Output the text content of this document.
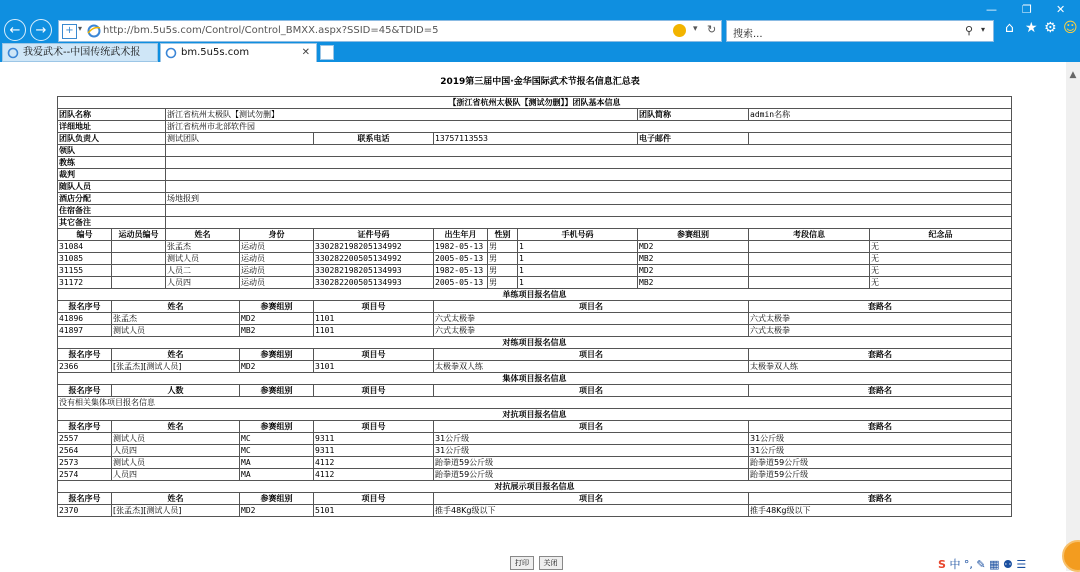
— ❐ ✕
←	→	+ ▾ http://bm.5u5s.com/Control/Control_BMXX.aspx?SSID=45&TDID=5	▾ ↻ 搜索...	⚲ ▾ ⌂ ★ ⚙ ☺
我爱武术--中国传统武术报	bm.5u5s.com	✕
2019第三届中国·金华国际武术节报名信息汇总表
【浙江省杭州太极队【测试勿删】】团队基本信息										
团队名称		浙江省杭州太极队【测试勿删】						团队简称	admin名称	
详细地址		浙江省杭州市北部软件园								
团队负责人		测试团队		联系电话	13757113553			电子邮件		
领队										
教练										
裁判										
随队人员										
酒店分配		场地报到								
住宿备注										
其它备注										
编号	运动员编号	姓名	身份	证件号码	出生年月	性别	手机号码	参赛组别	考段信息	纪念品
31084		张孟杰	运动员	330282198205134992	1982-05-13	男	1	MD2		无
31085		测试人员	运动员	330282200505134992	2005-05-13	男	1	MB2		无
31155		人员二	运动员	330282198205134993	1982-05-13	男	1	MD2		无
31172		人员四	运动员	330282200505134993	2005-05-13	男	1	MB2		无
单练项目报名信息										
报名序号	姓名		参赛组别	项目号	项目名				套路名	
41896	张孟杰		MD2	1101	六式太极拳				六式太极拳	
41897	测试人员		MB2	1101	六式太极拳				六式太极拳	
对练项目报名信息										
报名序号	姓名		参赛组别	项目号	项目名				套路名	
2366	[张孟杰][测试人员]		MD2	3101	太极拳双人练				太极拳双人练	
集体项目报名信息										
报名序号	人数		参赛组别	项目号	项目名				套路名	
没有相关集体项目报名信息										
对抗项目报名信息										
报名序号	姓名		参赛组别	项目号	项目名				套路名	
2557	测试人员		MC	9311	31公斤级				31公斤级	
2564	人员四		MC	9311	31公斤级				31公斤级	
2573	测试人员		MA	4112	跆拳道59公斤级				跆拳道59公斤级	
2574	人员四		MA	4112	跆拳道59公斤级				跆拳道59公斤级	
对抗展示项目报名信息										
报名序号	姓名		参赛组别	项目号	项目名				套路名	
2370	[张孟杰][测试人员]		MD2	5101	推手48Kg级以下				推手48Kg级以下	
打印 关闭
▲
S 中 °, ✎ ▦ ⚉ ☰
